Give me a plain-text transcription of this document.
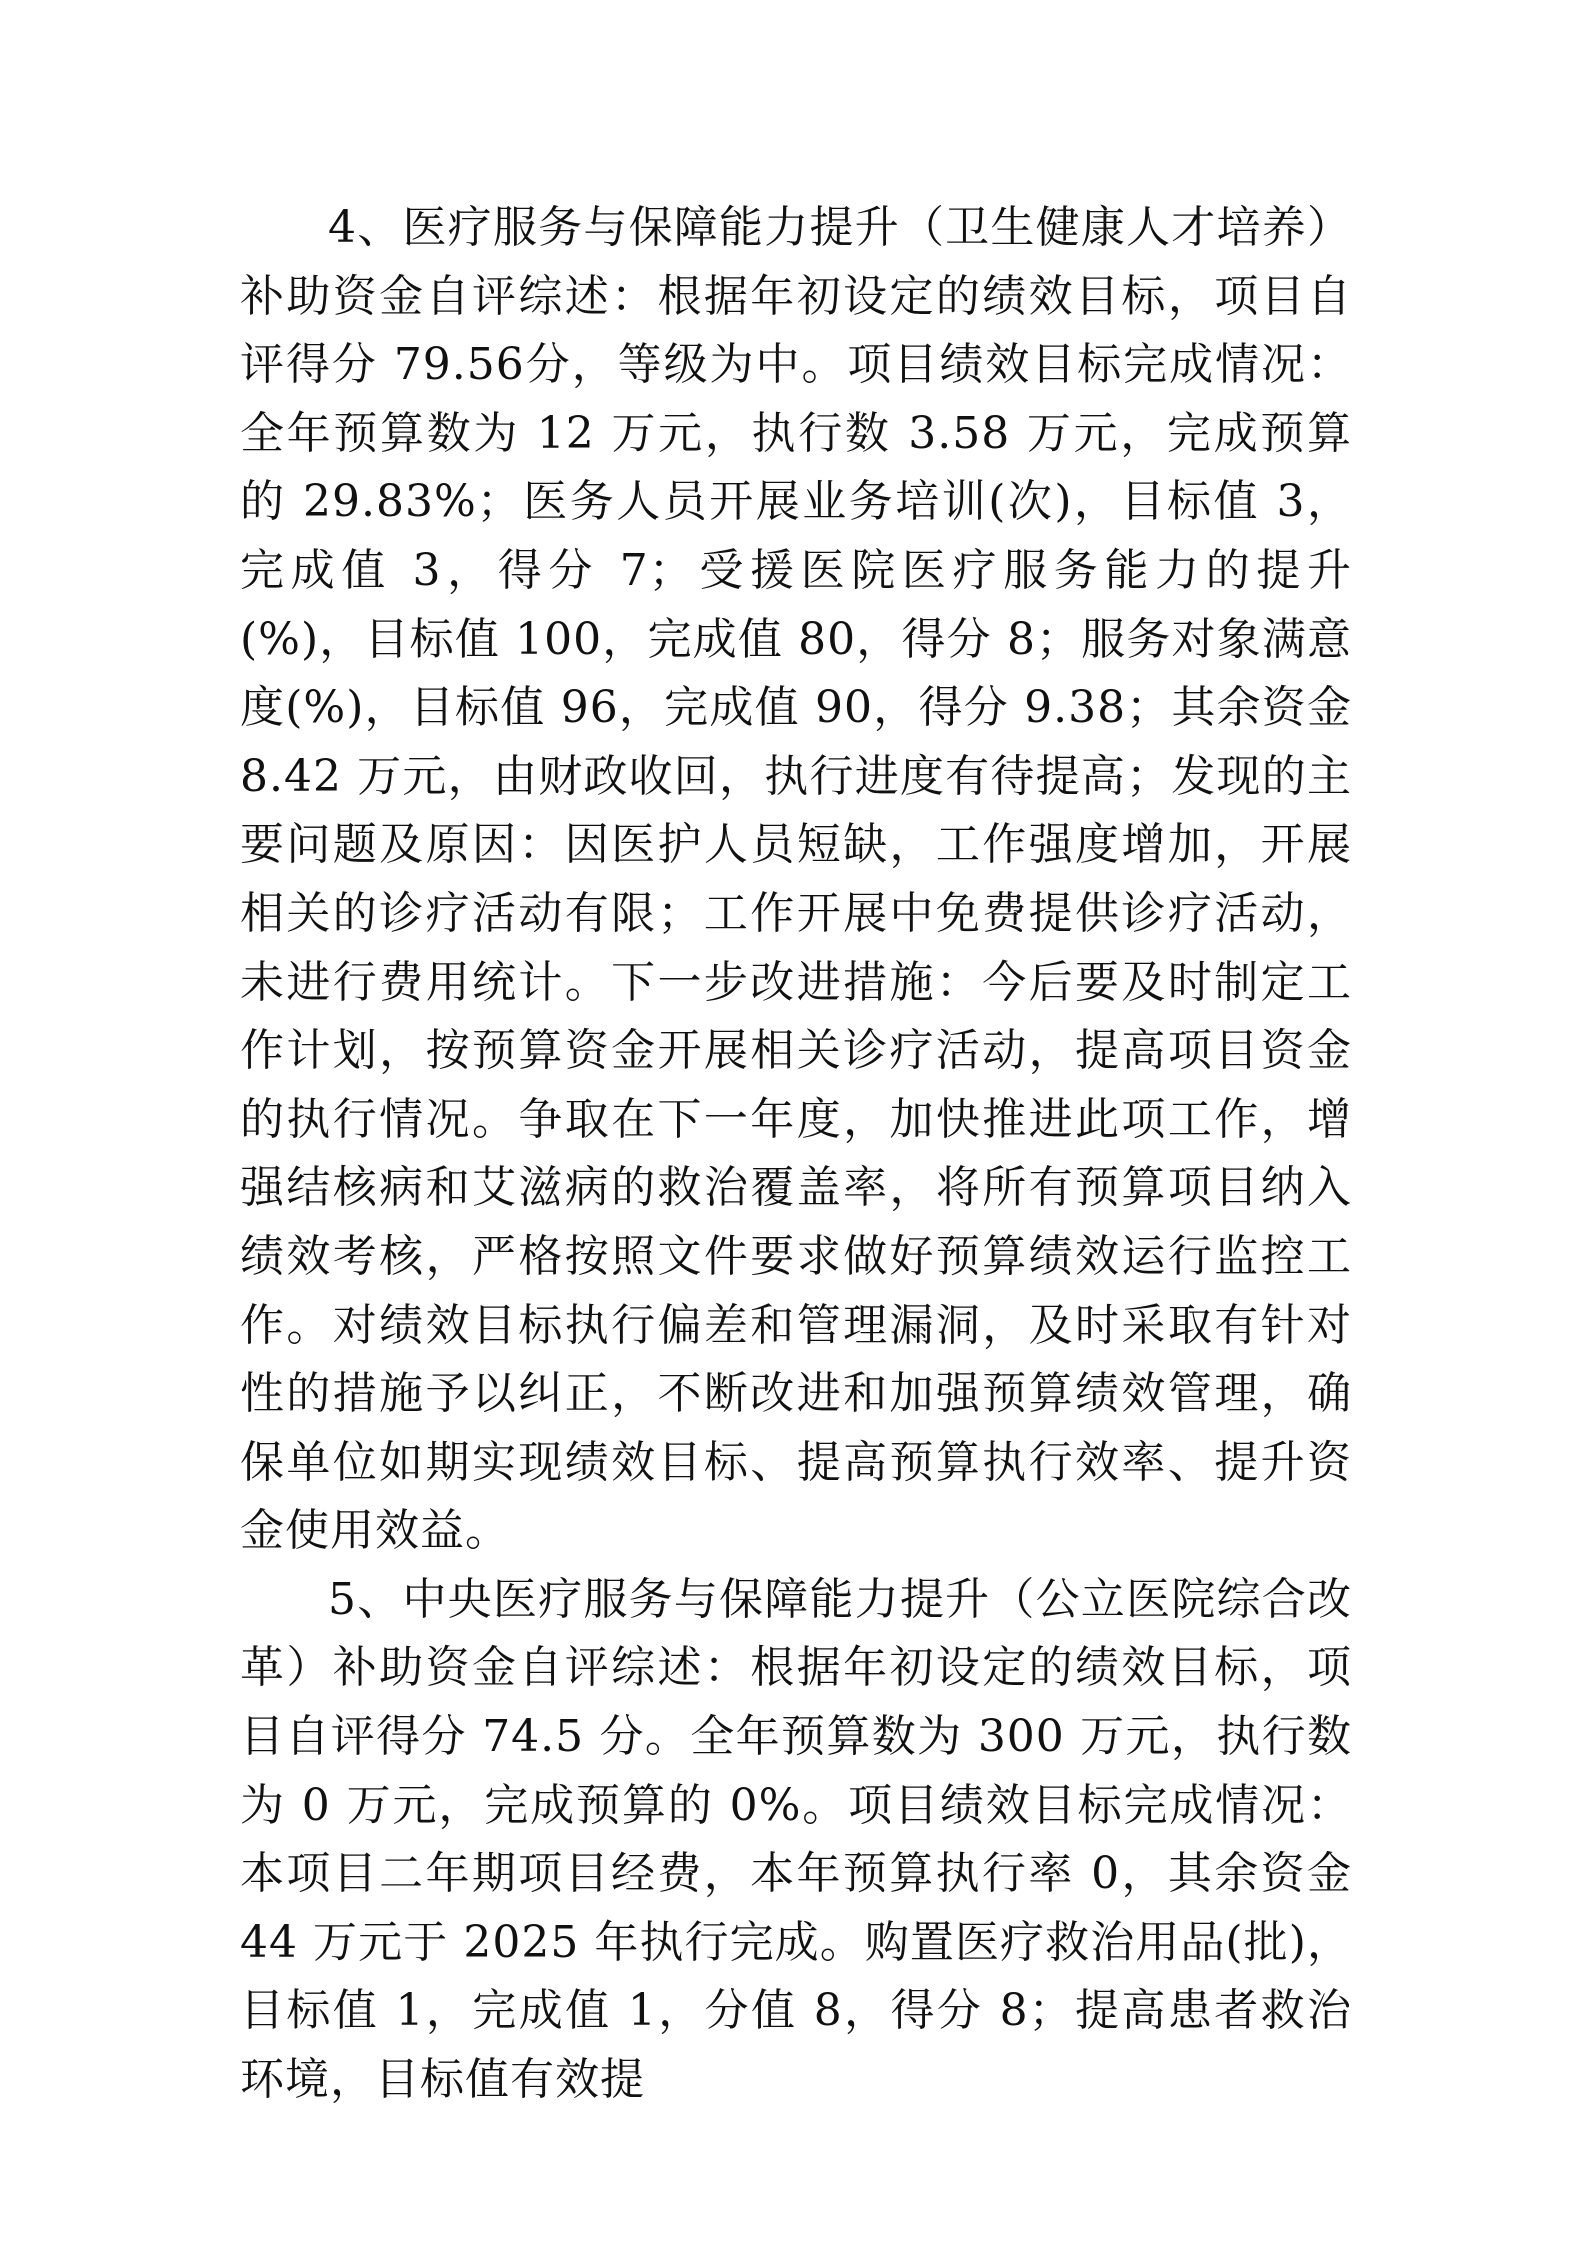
4、医疗服务与保障能力提升（卫生健康人才培养）补助资金自评综述：根据年初设定的绩效目标，项目自评得分 79.56分，等级为中。项目绩效目标完成情况：全年预算数为 12 万元，执行数 3.58 万元，完成预算的 29.83%；医务人员开展业务培训(次)，目标值 3，完成值 3，得分 7；受援医院医疗服务能力的提升(%)，目标值 100，完成值 80，得分 8；服务对象满意度(%)，目标值 96，完成值 90，得分 9.38；其余资金 8.42 万元，由财政收回，执行进度有待提高；发现的主要问题及原因：因医护人员短缺，工作强度增加，开展相关的诊疗活动有限；工作开展中免费提供诊疗活动，未进行费用统计。下一步改进措施：今后要及时制定工作计划，按预算资金开展相关诊疗活动，提高项目资金的执行情况。争取在下一年度，加快推进此项工作，增强结核病和艾滋病的救治覆盖率，将所有预算项目纳入绩效考核，严格按照文件要求做好预算绩效运行监控工作。对绩效目标执行偏差和管理漏洞，及时采取有针对性的措施予以纠正，不断改进和加强预算绩效管理，确保单位如期实现绩效目标、提高预算执行效率、提升资金使用效益。

5、中央医疗服务与保障能力提升（公立医院综合改革）补助资金自评综述：根据年初设定的绩效目标，项目自评得分 74.5 分。全年预算数为 300 万元，执行数为 0 万元，完成预算的 0%。项目绩效目标完成情况：本项目二年期项目经费，本年预算执行率 0，其余资金 44 万元于 2025 年执行完成。购置医疗救治用品(批)，目标值 1，完成值 1，分值 8，得分 8；提高患者救治环境，目标值有效提
